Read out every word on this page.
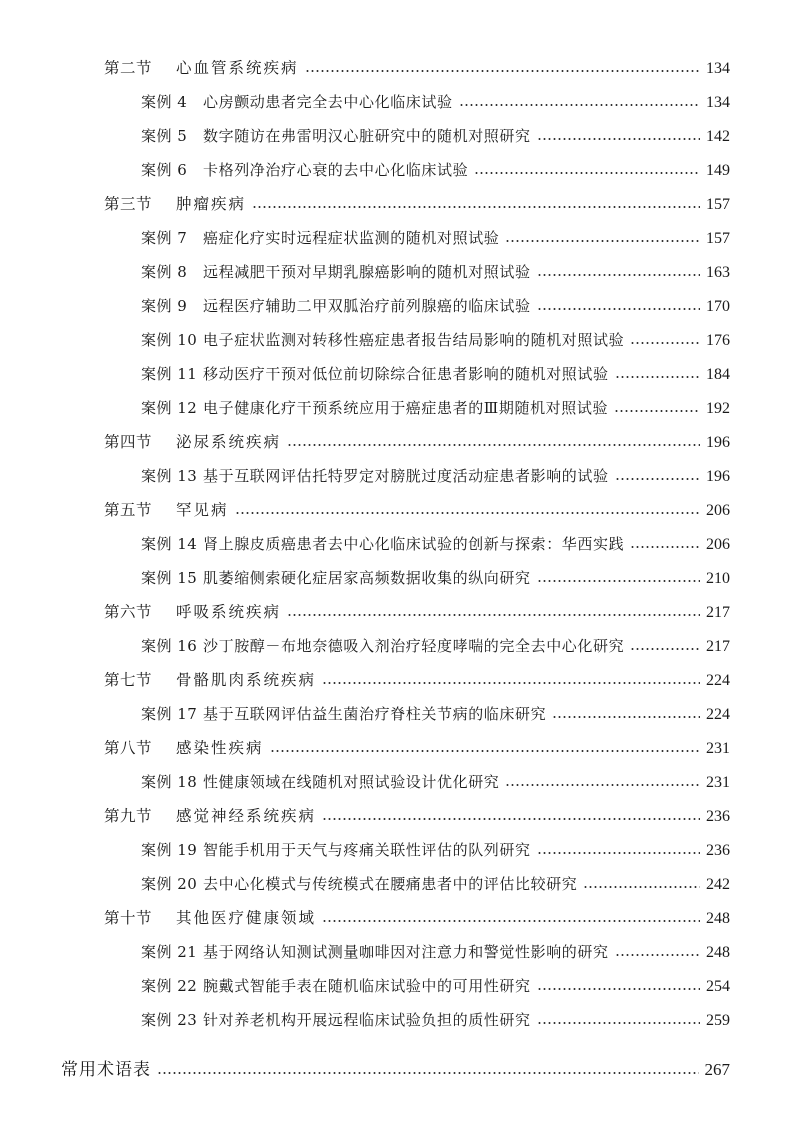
第二节	心血管系统疾病	134
案例 4	心房颤动患者完全去中心化临床试验	134
案例 5	数字随访在弗雷明汉心脏研究中的随机对照研究	142
案例 6	卡格列净治疗心衰的去中心化临床试验	149
第三节	肿瘤疾病	157
案例 7	癌症化疗实时远程症状监测的随机对照试验	157
案例 8	远程减肥干预对早期乳腺癌影响的随机对照试验	163
案例 9	远程医疗辅助二甲双胍治疗前列腺癌的临床试验	170
案例 10 电子症状监测对转移性癌症患者报告结局影响的随机对照试验	176
案例 11 移动医疗干预对低位前切除综合征患者影响的随机对照试验	184
案例 12 电子健康化疗干预系统应用于癌症患者的Ⅲ期随机对照试验	192
第四节	泌尿系统疾病	196
案例 13 基于互联网评估托特罗定对膀胱过度活动症患者影响的试验	196
第五节	罕见病	206
案例 14 肾上腺皮质癌患者去中心化临床试验的创新与探索：华西实践	206
案例 15 肌萎缩侧索硬化症居家高频数据收集的纵向研究	210
第六节	呼吸系统疾病	217
案例 16 沙丁胺醇－布地奈德吸入剂治疗轻度哮喘的完全去中心化研究	217
第七节	骨骼肌肉系统疾病	224
案例 17 基于互联网评估益生菌治疗脊柱关节病的临床研究	224
第八节	感染性疾病	231
案例 18 性健康领域在线随机对照试验设计优化研究	231
第九节	感觉神经系统疾病	236
案例 19 智能手机用于天气与疼痛关联性评估的队列研究	236
案例 20 去中心化模式与传统模式在腰痛患者中的评估比较研究	242
第十节	其他医疗健康领域	248
案例 21 基于网络认知测试测量咖啡因对注意力和警觉性影响的研究	248
案例 22 腕戴式智能手表在随机临床试验中的可用性研究	254
案例 23 针对养老机构开展远程临床试验负担的质性研究	259
常用术语表	267
